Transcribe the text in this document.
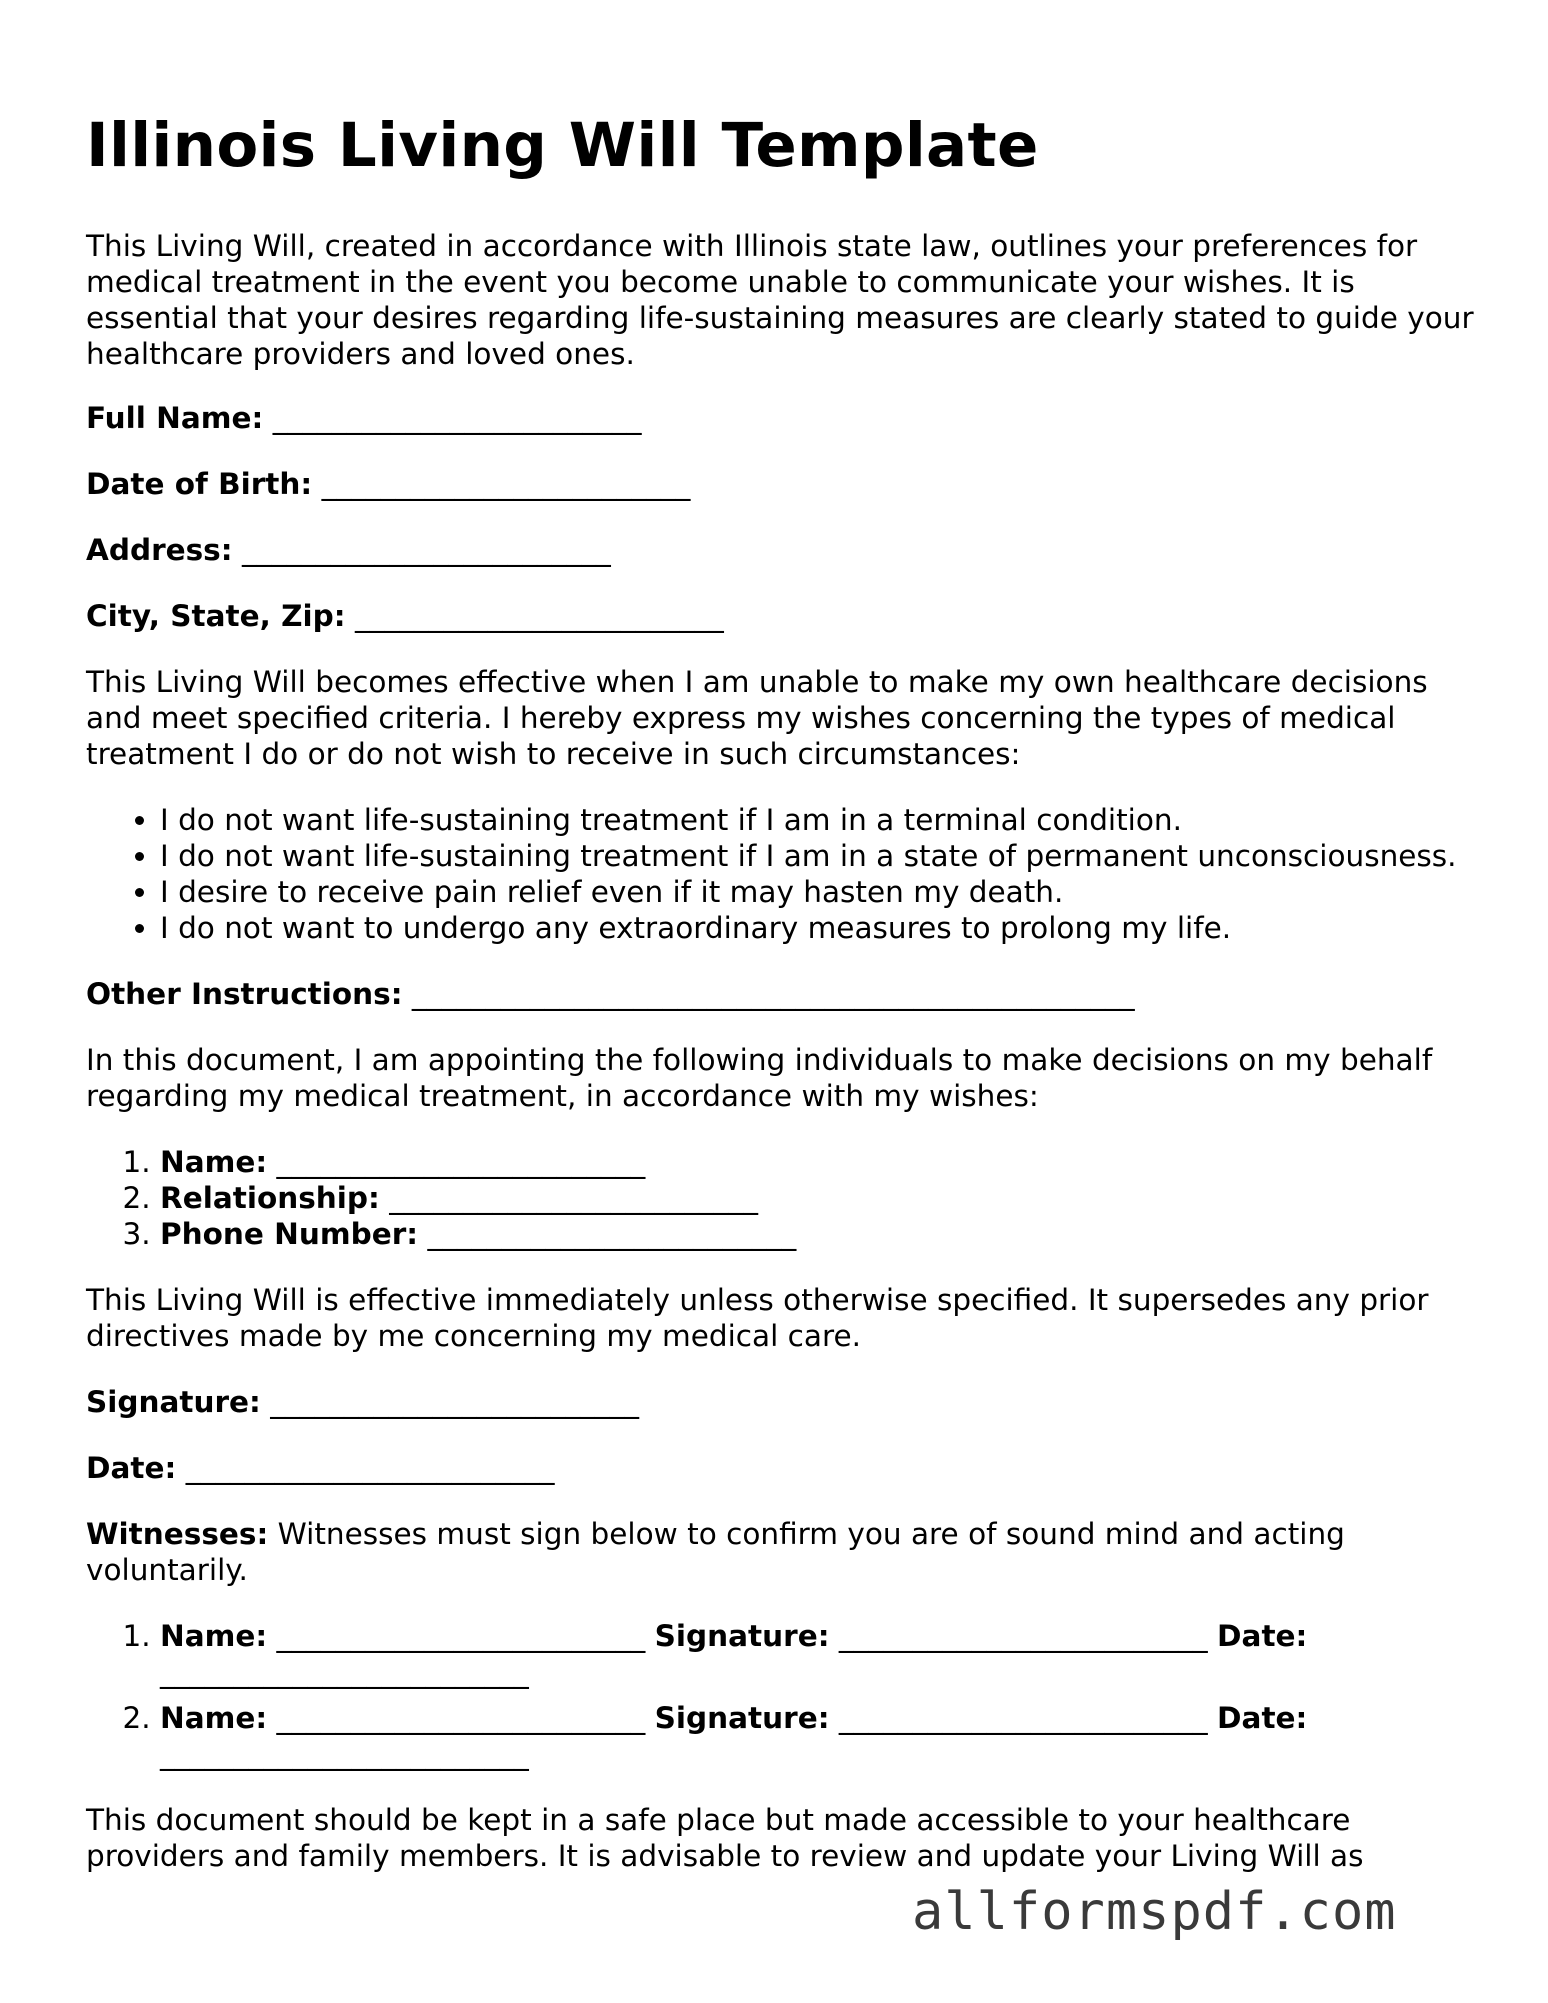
Illinois Living Will Template

This Living Will, created in accordance with Illinois state law, outlines your preferences for medical treatment in the event you become unable to communicate your wishes. It is essential that your desires regarding life-sustaining measures are clearly stated to guide your healthcare providers and loved ones.

Full Name: _________________________

Date of Birth: _________________________

Address: _________________________

City, State, Zip: _________________________

This Living Will becomes effective when I am unable to make my own healthcare decisions and meet specified criteria. I hereby express my wishes concerning the types of medical treatment I do or do not wish to receive in such circumstances:

• I do not want life-sustaining treatment if I am in a terminal condition.
• I do not want life-sustaining treatment if I am in a state of permanent unconsciousness.
• I desire to receive pain relief even if it may hasten my death.
• I do not want to undergo any extraordinary measures to prolong my life.

Other Instructions: _________________________________________________

In this document, I am appointing the following individuals to make decisions on my behalf regarding my medical treatment, in accordance with my wishes:

1. Name: _________________________
2. Relationship: _________________________
3. Phone Number: _________________________

This Living Will is effective immediately unless otherwise specified. It supersedes any prior directives made by me concerning my medical care.

Signature: _________________________

Date: _________________________

Witnesses: Witnesses must sign below to confirm you are of sound mind and acting voluntarily.

1. Name: _________________________ Signature: _________________________ Date: _________________________
2. Name: _________________________ Signature: _________________________ Date: _________________________

This document should be kept in a safe place but made accessible to your healthcare providers and family members. It is advisable to review and update your Living Will as

allformspdf.com
